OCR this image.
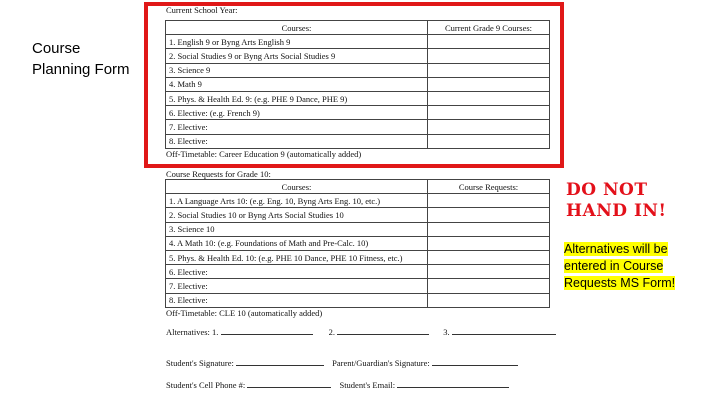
Course
Planning Form
Current School Year:
Courses:	Current Grade 9 Courses:
1. English 9 or Byng Arts English 9	
2. Social Studies 9 or Byng Arts Social Studies 9	
3. Science 9	
4. Math 9	
5. Phys. & Health Ed. 9: (e.g. PHE 9 Dance, PHE 9)	
6. Elective: (e.g. French 9)	
7. Elective:	
8. Elective:	
Off-Timetable: Career Education 9 (automatically added)
Course Requests for Grade 10:
Courses:	Course Requests:
1. A Language Arts 10: (e.g. Eng. 10, Byng Arts Eng. 10, etc.)	
2. Social Studies 10 or Byng Arts Social Studies 10	
3. Science 10	
4. A Math 10: (e.g. Foundations of Math and Pre-Calc. 10)	
5. Phys. & Health Ed. 10: (e.g. PHE 10 Dance, PHE 10 Fitness, etc.)	
6. Elective:	
7. Elective:	
8. Elective:	
Off-Timetable: CLE 10 (automatically added)
Alternatives: 1.	2.	3.
Student's Signature:	Parent/Guardian's Signature:
Student's Cell Phone #:	Student's Email:
DO NOT
HAND IN!
Alternatives will be entered in Course Requests MS Form!
